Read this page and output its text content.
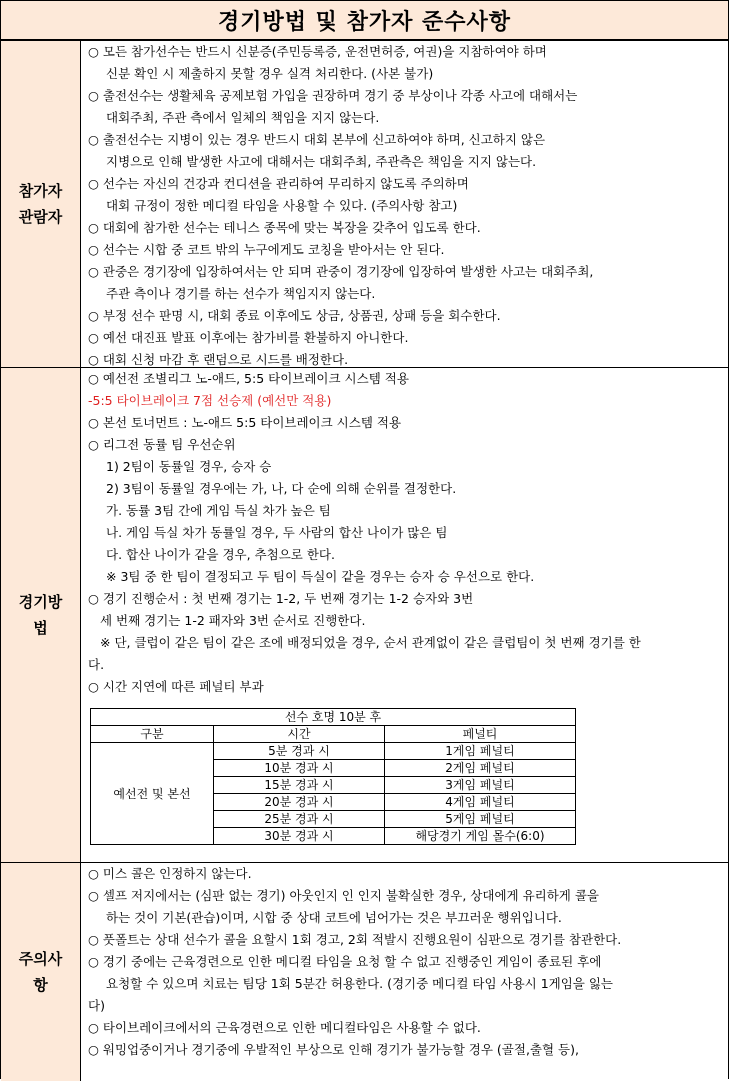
경기방법 및 참가자 준수사항
참가자
관람자
○ 모든 참가선수는 반드시 신분증(주민등록증, 운전면허증, 여권)을 지참하여야 하며
신분 확인 시 제출하지 못할 경우 실격 처리한다. (사본 불가)
○ 출전선수는 생활체육 공제보험 가입을 권장하며 경기 중 부상이나 각종 사고에 대해서는
대회주최, 주관 측에서 일체의 책임을 지지 않는다.
○ 출전선수는 지병이 있는 경우 반드시 대회 본부에 신고하여야 하며, 신고하지 않은
지병으로 인해 발생한 사고에 대해서는 대회주최, 주관측은 책임을 지지 않는다.
○ 선수는 자신의 건강과 컨디션을 관리하여 무리하지 않도록 주의하며
대회 규정이 정한 메디컬 타임을 사용할 수 있다. (주의사항 참고)
○ 대회에 참가한 선수는 테니스 종목에 맞는 복장을 갖추어 입도록 한다.
○ 선수는 시합 중 코트 밖의 누구에게도 코칭을 받아서는 안 된다.
○ 관중은 경기장에 입장하여서는 안 되며 관중이 경기장에 입장하여 발생한 사고는 대회주최,
주관 측이나 경기를 하는 선수가 책임지지 않는다.
○ 부정 선수 판명 시, 대회 종료 이후에도 상금, 상품권, 상패 등을 회수한다.
○ 예선 대진표 발표 이후에는 참가비를 환불하지 아니한다.
○ 대회 신청 마감 후 랜덤으로 시드를 배정한다.
경기방
법
○ 예선전 조별리그 노-애드, 5:5 타이브레이크 시스템 적용
-5:5 타이브레이크 7점 선승제 (예선만 적용)
○ 본선 토너먼트 : 노-애드 5:5 타이브레이크 시스템 적용
○ 리그전 동률 팀 우선순위
1) 2팀이 동률일 경우, 승자 승
2) 3팀이 동률일 경우에는 가, 나, 다 순에 의해 순위를 결정한다.
가. 동률 3팀 간에 게임 득실 차가 높은 팀
나. 게임 득실 차가 동률일 경우, 두 사람의 합산 나이가 많은 팀
다. 합산 나이가 같을 경우, 추첨으로 한다.
※ 3팀 중 한 팀이 결정되고 두 팀이 득실이 같을 경우는 승자 승 우선으로 한다.
○ 경기 진행순서 : 첫 번째 경기는 1-2, 두 번째 경기는 1-2 승자와 3번
세 번째 경기는 1-2 패자와 3번 순서로 진행한다.
※ 단, 클럽이 같은 팀이 같은 조에 배정되었을 경우, 순서 관계없이 같은 클럽팀이 첫 번째 경기를 한
다.
○ 시간 지연에 따른 페널티 부과
선수 호명 10분 후		
구분	시간	페널티
예선전 및 본선	5분 경과 시	1게임 페널티
	10분 경과 시	2게임 페널티
	15분 경과 시	3게임 페널티
	20분 경과 시	4게임 페널티
	25분 경과 시	5게임 페널티
	30분 경과 시	해당경기 게임 몰수(6:0)
주의사
항
○ 미스 콜은 인정하지 않는다.
○ 셀프 저지에서는 (심판 없는 경기) 아웃인지 인 인지 불확실한 경우, 상대에게 유리하게 콜을
하는 것이 기본(관습)이며, 시합 중 상대 코트에 넘어가는 것은 부끄러운 행위입니다.
○ 풋폴트는 상대 선수가 콜을 요할시 1회 경고, 2회 적발시 진행요원이 심판으로 경기를 참관한다.
○ 경기 중에는 근육경련으로 인한 메디컬 타임을 요청 할 수 없고 진행중인 게임이 종료된 후에
요청할 수 있으며 치료는 팀당 1회 5분간 허용한다. (경기중 메디컬 타임 사용시 1게임을 잃는
다)
○ 타이브레이크에서의 근육경련으로 인한 메디컬타임은 사용할 수 없다.
○ 워밍업중이거나 경기중에 우발적인 부상으로 인해 경기가 불가능할 경우 (골절,출혈 등),
